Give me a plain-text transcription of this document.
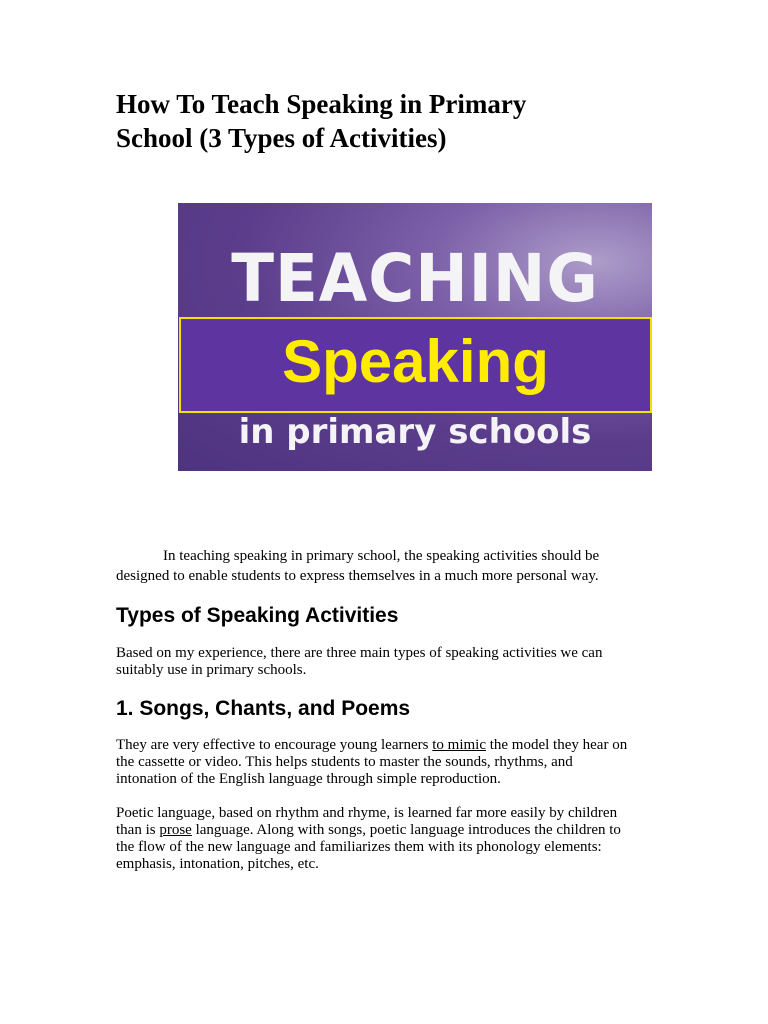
How To Teach Speaking in Primary
School (3 Types of Activities)
TEACHING
Speaking
in primary schools

In teaching speaking in primary school, the speaking activities should be
designed to enable students to express themselves in a much more personal way.

Types of Speaking Activities

Based on my experience, there are three main types of speaking activities we can
suitably use in primary schools.

1. Songs, Chants, and Poems

They are very effective to encourage young learners to mimic the model they hear on
the cassette or video. This helps students to master the sounds, rhythms, and
intonation of the English language through simple reproduction.

Poetic language, based on rhythm and rhyme, is learned far more easily by children
than is prose language. Along with songs, poetic language introduces the children to
the flow of the new language and familiarizes them with its phonology elements:
emphasis, intonation, pitches, etc.
